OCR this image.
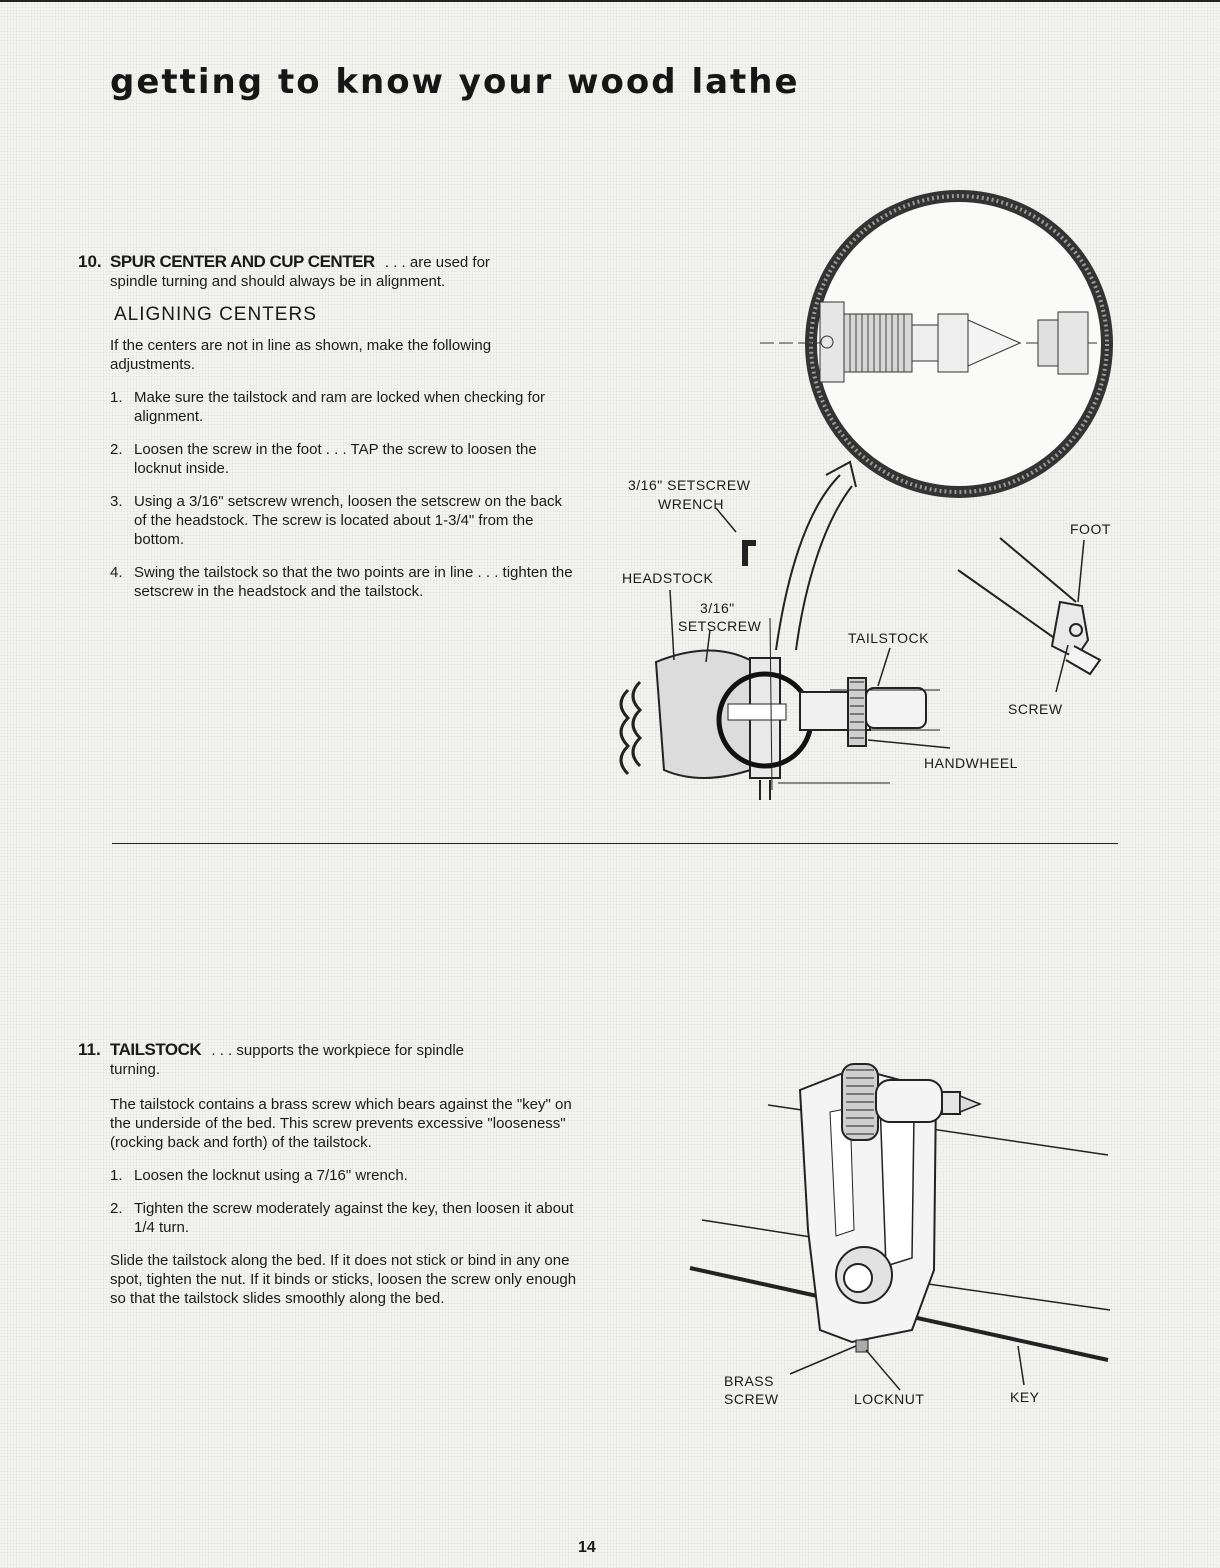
getting to know your wood lathe
10. SPUR CENTER AND CUP CENTER . . . are used for
spindle turning and should always be in alignment.
ALIGNING CENTERS
If the centers are not in line as shown, make the following adjustments.
1. Make sure the tailstock and ram are locked when checking for alignment.
2. Loosen the screw in the foot . . . TAP the screw to loosen the locknut inside.
3. Using a 3/16" setscrew wrench, loosen the setscrew on the back of the headstock. The screw is located about 1-3/4" from the bottom.
4. Swing the tailstock so that the two points are in line . . . tighten the setscrew in the headstock and the tailstock.
3/16" SETSCREW
WRENCH
HEADSTOCK
3/16"
SETSCREW
TAILSTOCK
FOOT
SCREW
HANDWHEEL
11. TAILSTOCK . . . supports the workpiece for spindle
turning.
The tailstock contains a brass screw which bears against the "key" on the underside of the bed. This screw prevents excessive "looseness" (rocking back and forth) of the tailstock.
1. Loosen the locknut using a 7/16" wrench.
2. Tighten the screw moderately against the key, then loosen it about 1/4 turn.
Slide the tailstock along the bed. If it does not stick or bind in any one spot, tighten the nut. If it binds or sticks, loosen the screw only enough so that the tailstock slides smoothly along the bed.
BRASS
SCREW	LOCKNUT	KEY
14
